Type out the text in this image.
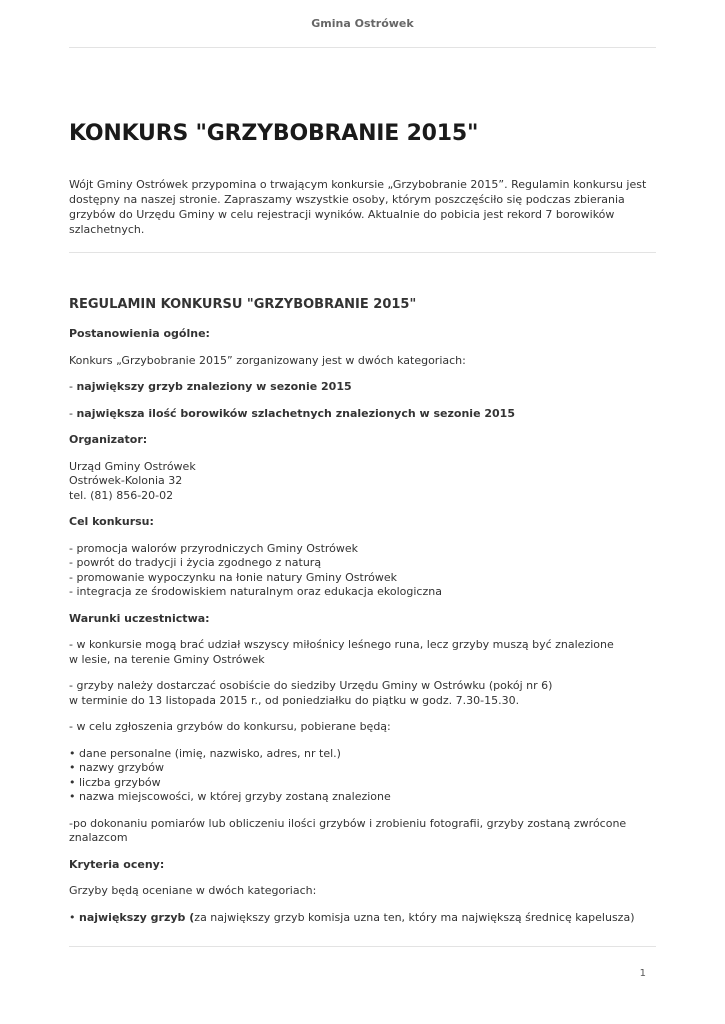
Gmina Ostrówek
KONKURS "GRZYBOBRANIE 2015"

Wójt Gminy Ostrówek przypomina o trwającym konkursie „Grzybobranie 2015”. Regulamin konkursu jest dostępny na naszej stronie. Zapraszamy wszystkie osoby, którym poszczęściło się podczas zbierania grzybów do Urzędu Gminy w celu rejestracji wyników. Aktualnie do pobicia jest rekord 7 borowików szlachetnych.

REGULAMIN KONKURSU "GRZYBOBRANIE 2015"

Postanowienia ogólne:

Konkurs „Grzybobranie 2015” zorganizowany jest w dwóch kategoriach:

- największy grzyb znaleziony w sezonie 2015

- największa ilość borowików szlachetnych znalezionych w sezonie 2015

Organizator:

Urząd Gminy Ostrówek
Ostrówek-Kolonia 32
tel. (81) 856-20-02

Cel konkursu:

- promocja walorów przyrodniczych Gminy Ostrówek
- powrót do tradycji i życia zgodnego z naturą
- promowanie wypoczynku na łonie natury Gminy Ostrówek
- integracja ze środowiskiem naturalnym oraz edukacja ekologiczna

Warunki uczestnictwa:

- w konkursie mogą brać udział wszyscy miłośnicy leśnego runa, lecz grzyby muszą być znalezione
w lesie, na terenie Gminy Ostrówek

- grzyby należy dostarczać osobiście do siedziby Urzędu Gminy w Ostrówku (pokój nr 6)
w terminie do 13 listopada 2015 r., od poniedziałku do piątku w godz. 7.30-15.30.

- w celu zgłoszenia grzybów do konkursu, pobierane będą:

• dane personalne (imię, nazwisko, adres, nr tel.)
• nazwy grzybów
• liczba grzybów
• nazwa miejscowości, w której grzyby zostaną znalezione

-po dokonaniu pomiarów lub obliczeniu ilości grzybów i zrobieniu fotografii, grzyby zostaną zwrócone znalazcom

Kryteria oceny:

Grzyby będą oceniane w dwóch kategoriach:

• największy grzyb (za największy grzyb komisja uzna ten, który ma największą średnicę kapelusza)

1
